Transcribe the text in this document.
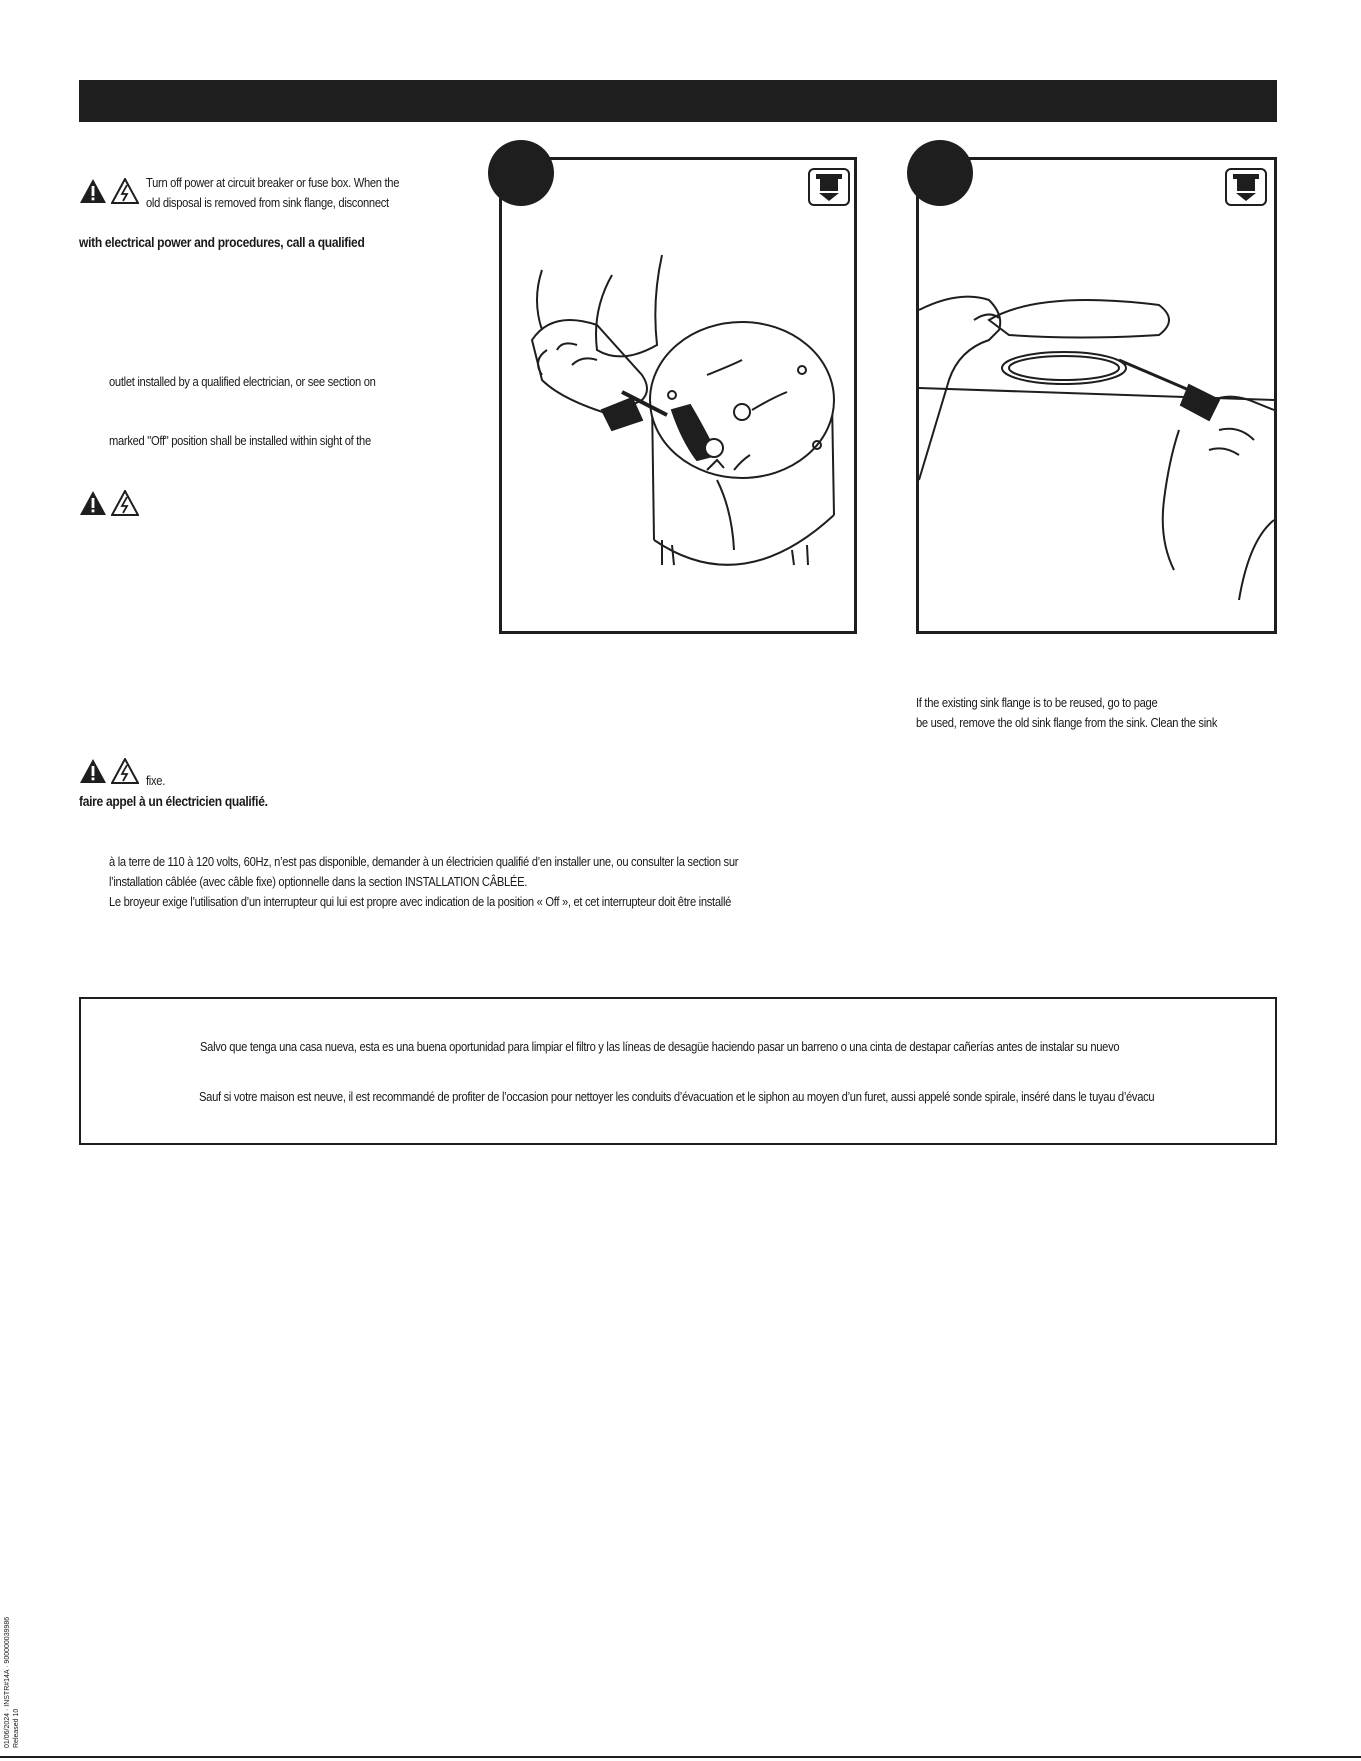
Turn off power at circuit breaker or fuse box. When the
old disposal is removed from sink flange, disconnect
with electrical power and procedures, call a qualified
outlet installed by a qualified electrician, or see section on
marked "Off" position shall be installed within sight of the
fixe.
faire appel à un électricien qualifié.
à la terre de 110 à 120 volts, 60Hz, n’est pas disponible, demander à un électricien qualifié d’en installer une, ou consulter la section sur
l’installation câblée (avec câble fixe) optionnelle dans la section INSTALLATION CÂBLÉE.
Le broyeur exige l’utilisation d’un interrupteur qui lui est propre avec indication de la position « Off », et cet interrupteur doit être installé
If the existing sink flange is to be reused, go to page
be used, remove the old sink flange from the sink. Clean the sink
Salvo que tenga una casa nueva, esta es una buena oportunidad para limpiar el filtro y las líneas de desagüe haciendo pasar un barreno o una cinta de destapar cañerías antes de instalar su nuevo
Sauf si votre maison est neuve, il est recommandé de profiter de l’occasion pour nettoyer les conduits d’évacuation et le siphon au moyen d’un furet, aussi appelé sonde spirale, inséré dans le tuyau d’évacu
01/06/2024 · INSTR#14A · 900000039986 Released 10
